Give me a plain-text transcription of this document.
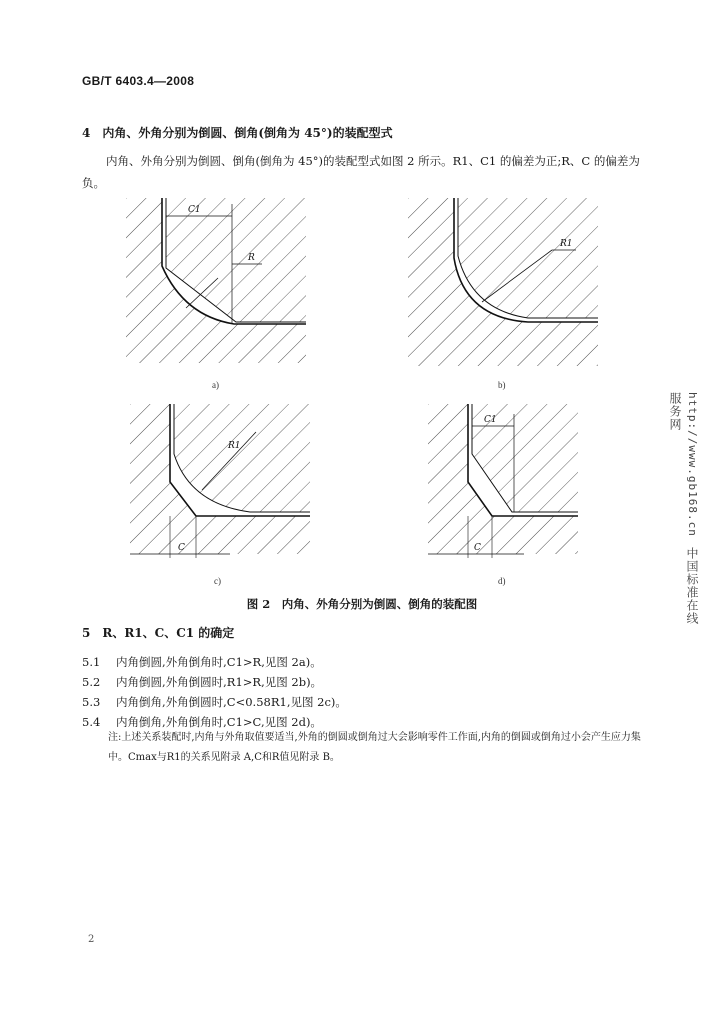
GB/T 6403.4—2008
4　内角、外角分别为倒圆、倒角(倒角为 45°)的装配型式
内角、外角分别为倒圆、倒角(倒角为 45°)的装配型式如图 2 所示。R1、C1 的偏差为正;R、C 的偏差为负。
C1
R
a)
R1
b)
R1
C
c)
C1
C
d)
图 2　内角、外角分别为倒圆、倒角的装配图
5　R、R1、C、C1 的确定
5.1 内角倒圆,外角倒角时,C1>R,见图 2a)。
5.2 内角倒圆,外角倒圆时,R1>R,见图 2b)。
5.3 内角倒角,外角倒圆时,C<0.58R1,见图 2c)。
5.4 内角倒角,外角倒角时,C1>C,见图 2d)。
注:上述关系装配时,内角与外角取值要适当,外角的倒圆或倒角过大会影响零件工作面,内角的倒圆或倒角过小会产生应力集中。Cmax与R1的关系见附录 A,C和R值见附录 B。
2
http://www.gb168.cn中国标准在线服务网
